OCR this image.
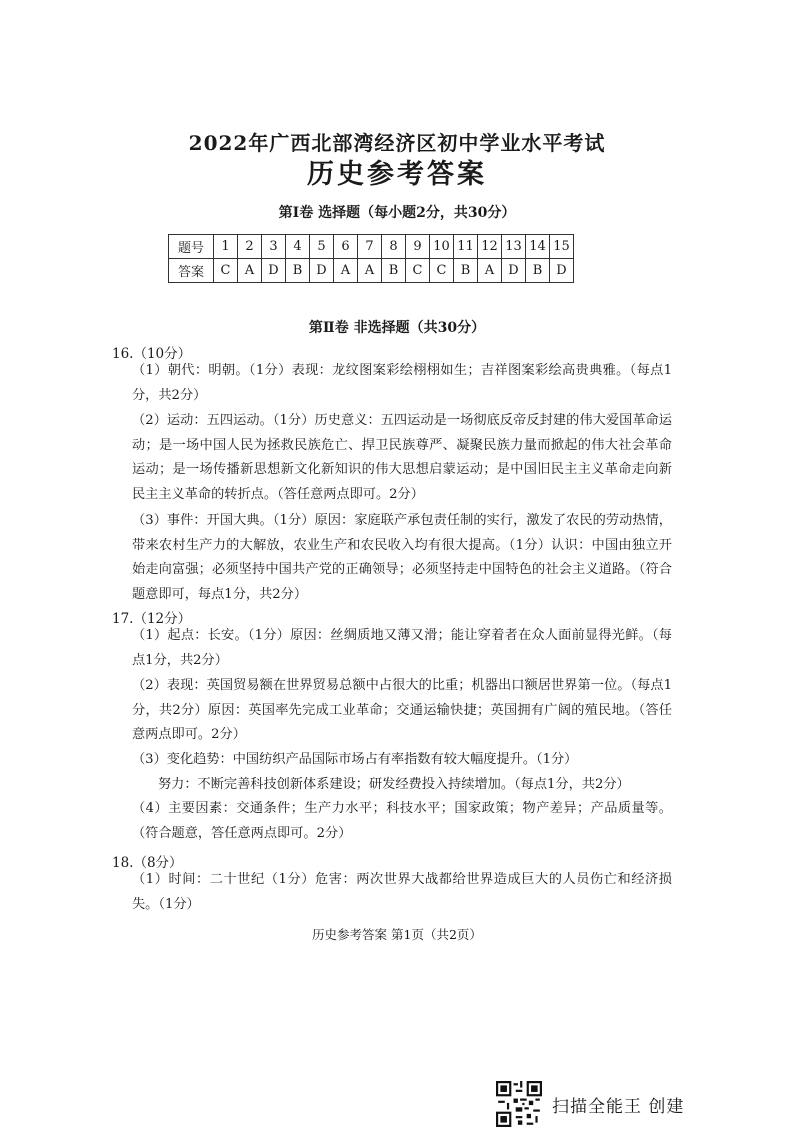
2022年广西北部湾经济区初中学业水平考试
历史参考答案
第Ⅰ卷 选择题（每小题2分，共30分）
题号	1	2	3	4	5	6	7	8	9	10	11	12	13	14	15
答案	C	A	D	B	D	A	A	B	C	C	B	A	D	B	D
第Ⅱ卷 非选择题（共30分）
16.（10分）
（1）朝代：明朝。（1分）表现：龙纹图案彩绘栩栩如生；吉祥图案彩绘高贵典雅。（每点1分，共2分）
（2）运动：五四运动。（1分）历史意义：五四运动是一场彻底反帝反封建的伟大爱国革命运动；是一场中国人民为拯救民族危亡、捍卫民族尊严、凝聚民族力量而掀起的伟大社会革命运动；是一场传播新思想新文化新知识的伟大思想启蒙运动；是中国旧民主主义革命走向新民主主义革命的转折点。（答任意两点即可。2分）
（3）事件：开国大典。（1分）原因：家庭联产承包责任制的实行，激发了农民的劳动热情，带来农村生产力的大解放，农业生产和农民收入均有很大提高。（1分）认识：中国由独立开始走向富强；必须坚持中国共产党的正确领导；必须坚持走中国特色的社会主义道路。（符合题意即可，每点1分，共2分）
17.（12分）
（1）起点：长安。（1分）原因：丝绸质地又薄又滑；能让穿着者在众人面前显得光鲜。（每点1分，共2分）
（2）表现：英国贸易额在世界贸易总额中占很大的比重；机器出口额居世界第一位。（每点1分，共2分）原因：英国率先完成工业革命；交通运输快捷；英国拥有广阔的殖民地。（答任意两点即可。2分）
（3）变化趋势：中国纺织产品国际市场占有率指数有较大幅度提升。（1分）
努力：不断完善科技创新体系建设；研发经费投入持续增加。（每点1分，共2分）
（4）主要因素：交通条件；生产力水平；科技水平；国家政策；物产差异；产品质量等。（符合题意，答任意两点即可。2分）
18.（8分）
（1）时间：二十世纪（1分）危害：两次世界大战都给世界造成巨大的人员伤亡和经济损失。（1分）
历史参考答案 第1页（共2页）
扫描全能王 创建
